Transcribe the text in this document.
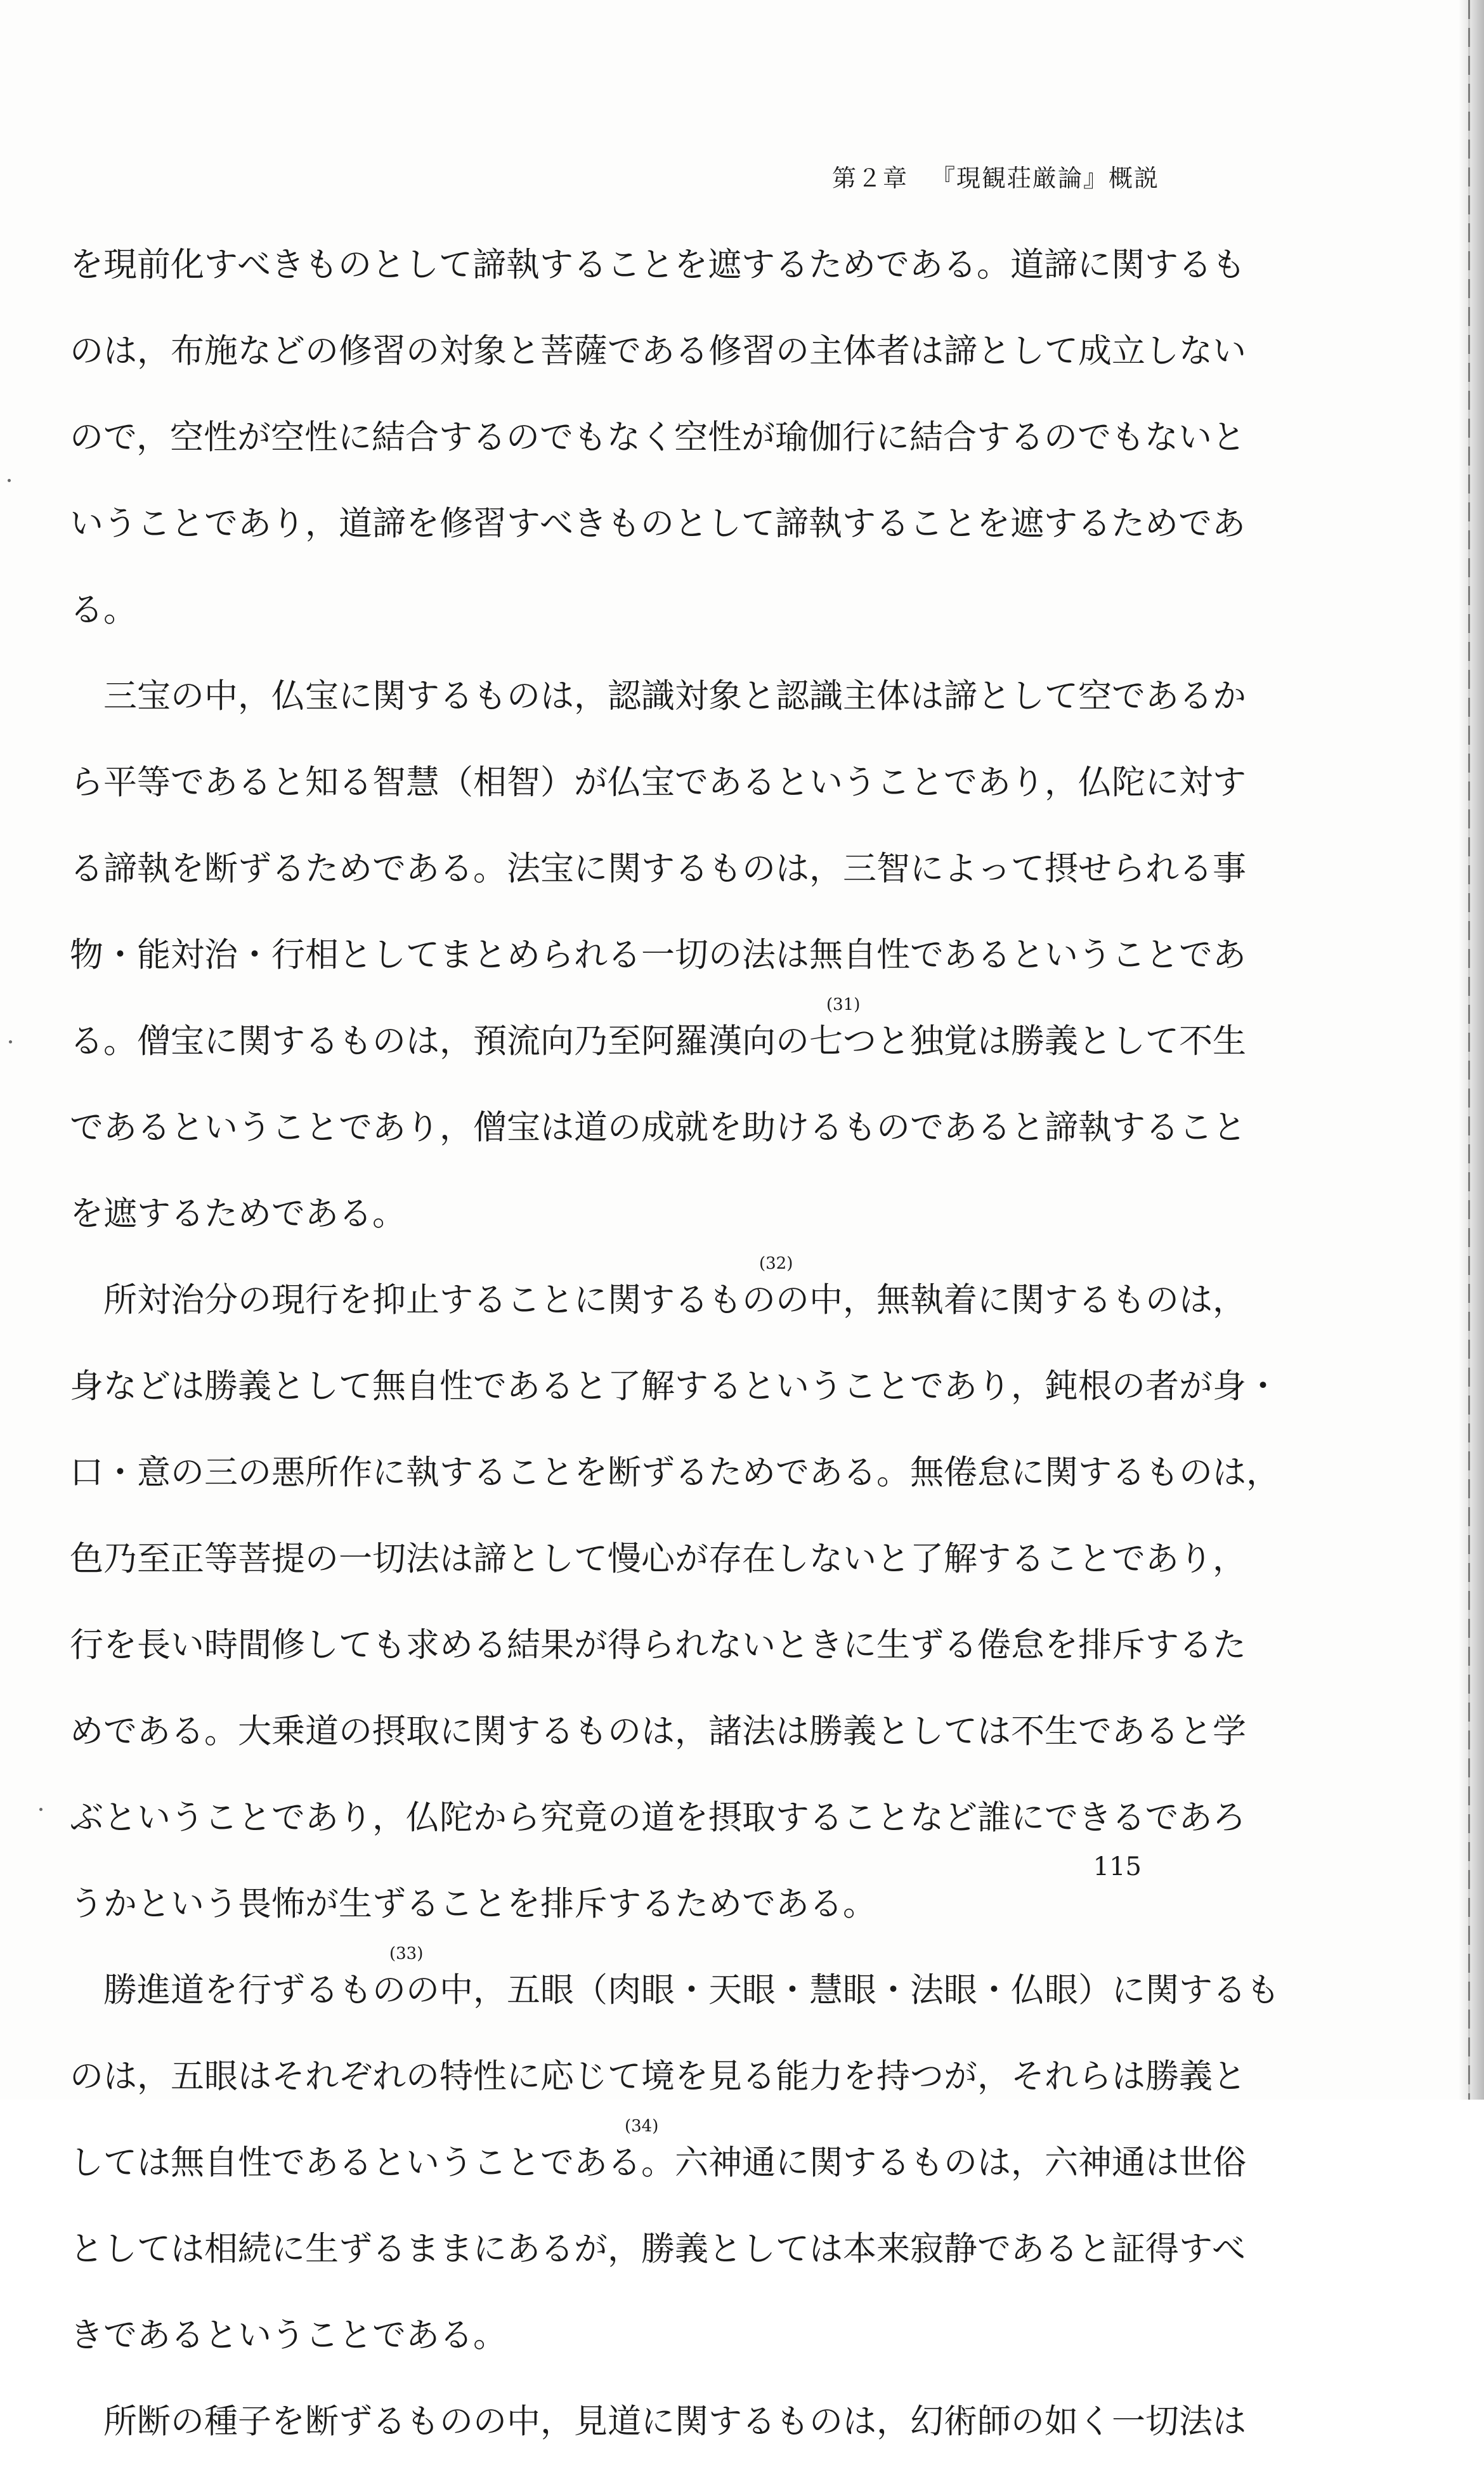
第２章 『現観荘厳論』概説
を現前化すべきものとして諦執することを遮するためである。道諦に関するも
のは，布施などの修習の対象と菩薩である修習の主体者は諦として成立しない
ので，空性が空性に結合するのでもなく空性が瑜伽行に結合するのでもないと
いうことであり，道諦を修習すべきものとして諦執することを遮するためであ
る。
三宝の中，仏宝に関するものは，認識対象と認識主体は諦として空であるか
ら平等であると知る智慧（相智）が仏宝であるということであり，仏陀に対す
る諦執を断ずるためである。法宝に関するものは，三智によって摂せられる事
物・能対治・行相としてまとめられる一切の法は無自性であるということであ
る。僧宝に関するものは，預流向乃至阿羅漢向の七
(31)
つと独覚は勝義として不生
であるということであり，僧宝は道の成就を助けるものであると諦執すること
を遮するためである。
所対治分の現行を抑止することに関するもの
(32)
の中，無執着に関するものは，
身などは勝義として無自性であると了解するということであり，鈍根の者が身・
口・意の三の悪所作に執することを断ずるためである。無倦怠に関するものは，
色乃至正等菩提の一切法は諦として慢心が存在しないと了解することであり，
行を長い時間修しても求める結果が得られないときに生ずる倦怠を排斥するた
めである。大乗道の摂取に関するものは，諸法は勝義としては不生であると学
ぶということであり，仏陀から究竟の道を摂取することなど誰にできるであろ
うかという畏怖が生ずることを排斥するためである。
勝進道を行ずるもの
(33)
の中，五眼（肉眼・天眼・慧眼・法眼・仏眼）に関するも
のは，五眼はそれぞれの特性に応じて境を見る能力を持つが，それらは勝義と
しては無自性であるということである
(34)
。六神通に関するものは，六神通は世俗
としては相続に生ずるままにあるが，勝義としては本来寂静であると証得すべ
きであるということである。
所断の種子を断ずるものの中，見道に関するものは，幻術師の如く一切法は
115
